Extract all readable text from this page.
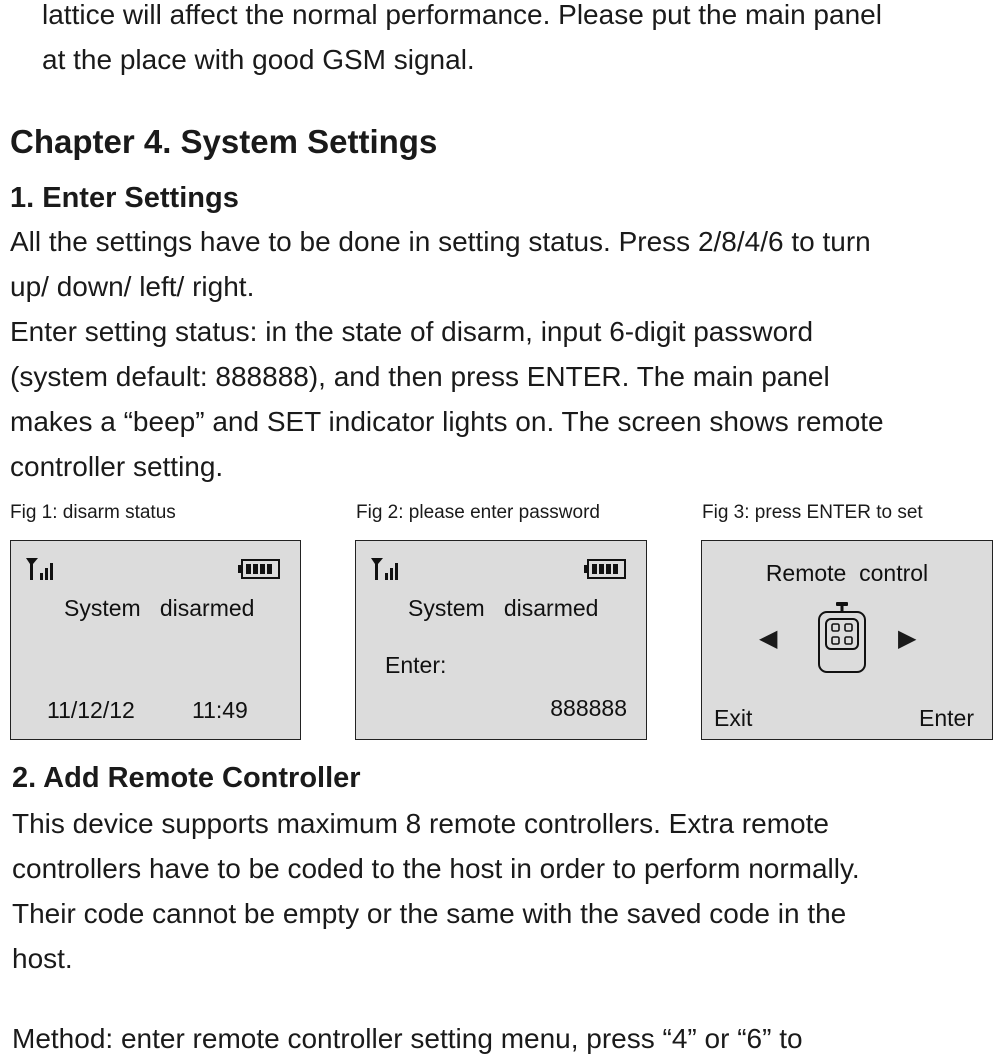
lattice will affect the normal performance. Please put the main panel

at the place with good GSM signal.

Chapter 4. System Settings
1. Enter Settings

All the settings have to be done in setting status. Press 2/8/4/6 to turn

up/ down/ left/ right.

Enter setting status: in the state of disarm, input 6-digit password

(system default: 888888), and then press ENTER. The main panel

makes a “beep” and SET indicator lights on. The screen shows remote

controller setting.

Fig 1: disarm status	Fig 2: please enter password	Fig 3: press ENTER to set
System   disarmed
11/12/12 11:49
System   disarmed
Enter:
888888
Remote  control
◀	▶
Exit	Enter
2. Add Remote Controller

This device supports maximum 8 remote controllers. Extra remote

controllers have to be coded to the host in order to perform normally.

Their code cannot be empty or the same with the saved code in the

host.

Method: enter remote controller setting menu, press “4” or “6” to
